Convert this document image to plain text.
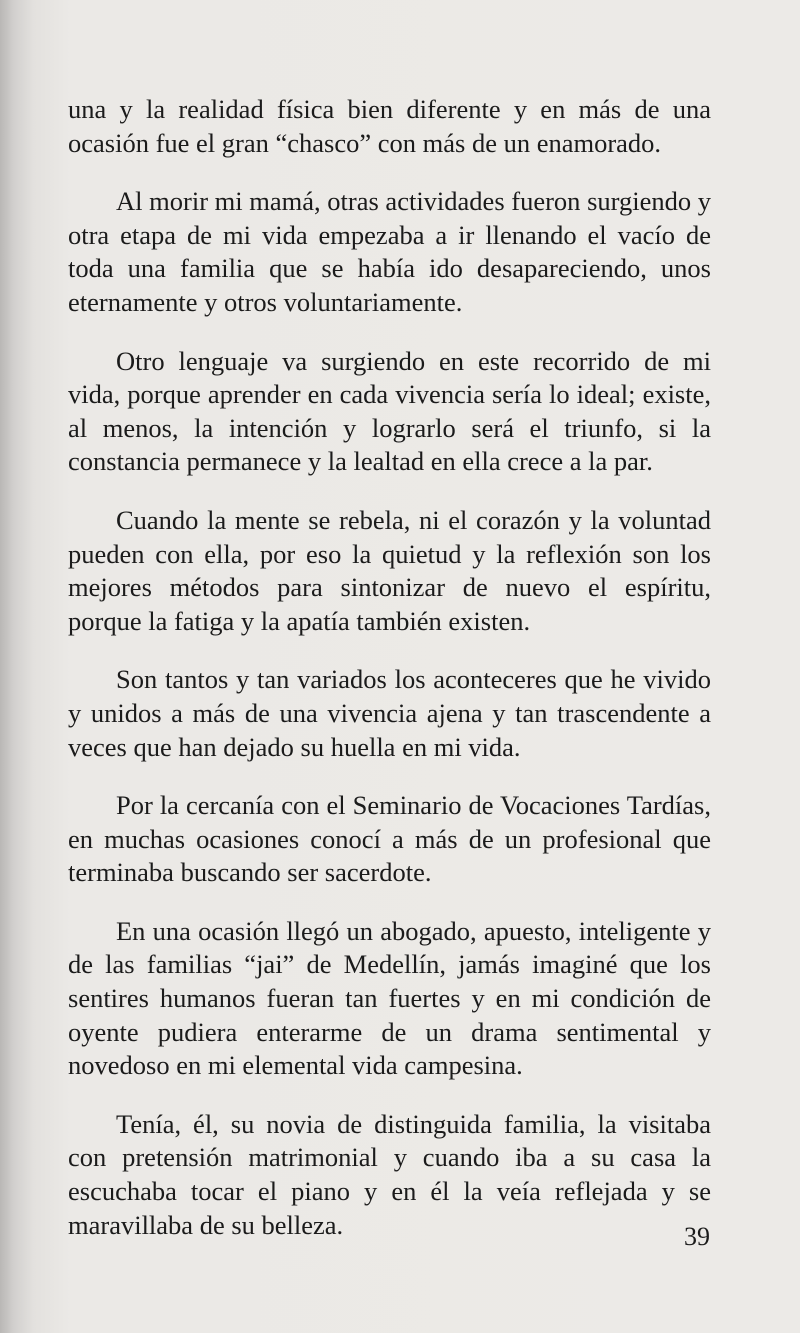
una y la realidad física bien diferente y en más de una ocasión fue el gran “chasco” con más de un enamorado.

Al morir mi mamá, otras actividades fueron surgiendo y otra etapa de mi vida empezaba a ir llenando el vacío de toda una familia que se había ido desapareciendo, unos eternamente y otros voluntariamente.

Otro lenguaje va surgiendo en este recorrido de mi vida, porque aprender en cada vivencia sería lo ideal; existe, al menos, la intención y lograrlo será el triunfo, si la constancia permanece y la lealtad en ella crece a la par.

Cuando la mente se rebela, ni el corazón y la voluntad pueden con ella, por eso la quietud y la reflexión son los mejores métodos para sintonizar de nuevo el espíritu, porque la fatiga y la apatía también existen.

Son tantos y tan variados los aconteceres que he vivido y unidos a más de una vivencia ajena y tan trascendente a veces que han dejado su huella en mi vida.

Por la cercanía con el Seminario de Vocaciones Tardías, en muchas ocasiones conocí a más de un profesional que terminaba buscando ser sacerdote.

En una ocasión llegó un abogado, apuesto, inteligente y de las familias “jai” de Medellín, jamás imaginé que los sentires humanos fueran tan fuertes y en mi condición de oyente pudiera enterarme de un drama sentimental y novedoso en mi elemental vida campesina.

Tenía, él, su novia de distinguida familia, la visitaba con pretensión matrimonial y cuando iba a su casa la escuchaba tocar el piano y en él la veía reflejada y se maravillaba de su belleza.	39
